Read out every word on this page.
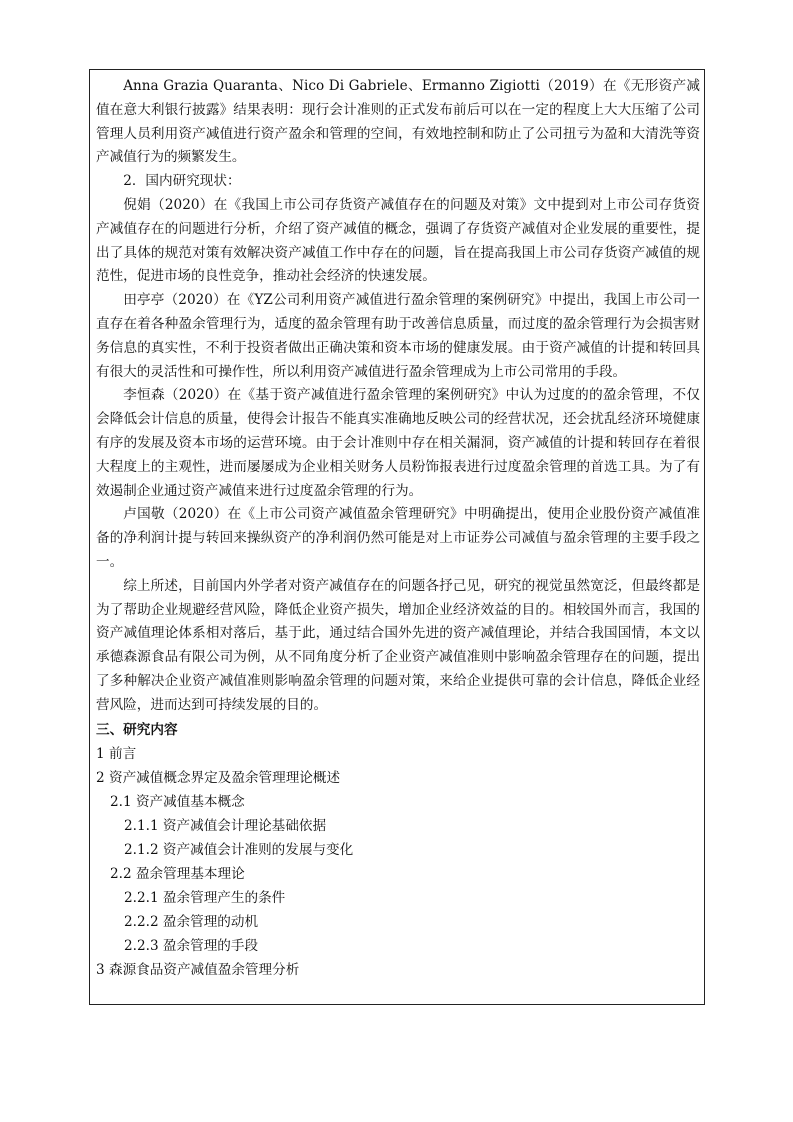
Anna Grazia Quaranta、Nico Di Gabriele、Ermanno Zigiotti（2019）在《无形资产减值在意大利银行披露》结果表明：现行会计准则的正式发布前后可以在一定的程度上大大压缩了公司管理人员利用资产减值进行资产盈余和管理的空间，有效地控制和防止了公司扭亏为盈和大清洗等资产减值行为的频繁发生。

2．国内研究现状：

倪娟（2020）在《我国上市公司存货资产减值存在的问题及对策》文中提到对上市公司存货资产减值存在的问题进行分析，介绍了资产减值的概念，强调了存货资产减值对企业发展的重要性，提出了具体的规范对策有效解决资产减值工作中存在的问题，旨在提高我国上市公司存货资产减值的规范性，促进市场的良性竞争，推动社会经济的快速发展。

田亭亭（2020）在《YZ公司利用资产减值进行盈余管理的案例研究》中提出，我国上市公司一直存在着各种盈余管理行为，适度的盈余管理有助于改善信息质量，而过度的盈余管理行为会损害财务信息的真实性，不利于投资者做出正确决策和资本市场的健康发展。由于资产减值的计提和转回具有很大的灵活性和可操作性，所以利用资产减值进行盈余管理成为上市公司常用的手段。

李恒森（2020）在《基于资产减值进行盈余管理的案例研究》中认为过度的的盈余管理，不仅会降低会计信息的质量，使得会计报告不能真实准确地反映公司的经营状况，还会扰乱经济环境健康有序的发展及资本市场的运营环境。由于会计准则中存在相关漏洞，资产减值的计提和转回存在着很大程度上的主观性，进而屡屡成为企业相关财务人员粉饰报表进行过度盈余管理的首选工具。为了有效遏制企业通过资产减值来进行过度盈余管理的行为。

卢国敬（2020）在《上市公司资产减值盈余管理研究》中明确提出，使用企业股份资产减值准备的净利润计提与转回来操纵资产的净利润仍然可能是对上市证券公司减值与盈余管理的主要手段之一。

综上所述，目前国内外学者对资产减值存在的问题各抒己见，研究的视觉虽然宽泛，但最终都是为了帮助企业规避经营风险，降低企业资产损失，增加企业经济效益的目的。相较国外而言，我国的资产减值理论体系相对落后，基于此，通过结合国外先进的资产减值理论，并结合我国国情，本文以承德森源食品有限公司为例，从不同角度分析了企业资产减值准则中影响盈余管理存在的问题，提出了多种解决企业资产减值准则影响盈余管理的问题对策，来给企业提供可靠的会计信息，降低企业经营风险，进而达到可持续发展的目的。

三、研究内容

1 前言

2 资产减值概念界定及盈余管理理论概述

2.1 资产减值基本概念

2.1.1 资产减值会计理论基础依据

2.1.2 资产减值会计准则的发展与变化

2.2 盈余管理基本理论

2.2.1 盈余管理产生的条件

2.2.2 盈余管理的动机

2.2.3 盈余管理的手段

3 森源食品资产减值盈余管理分析
